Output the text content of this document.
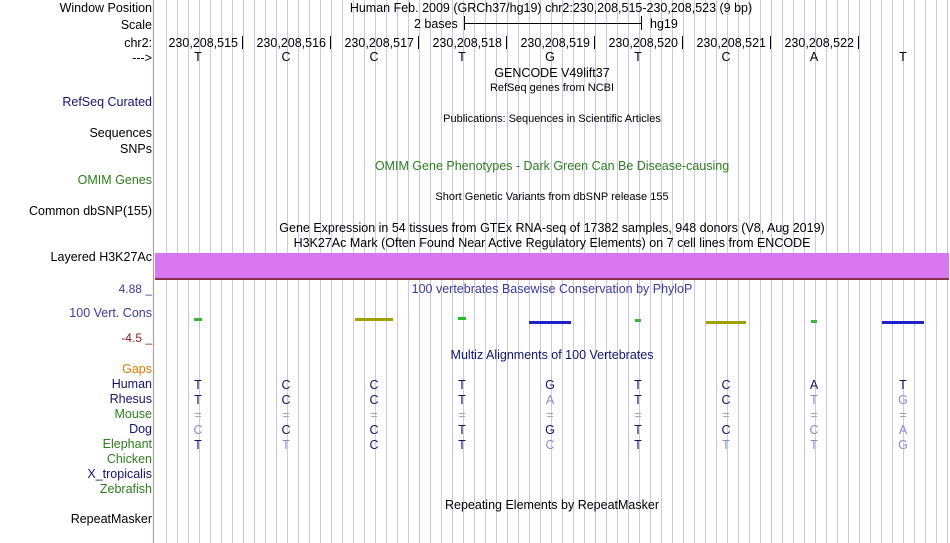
Window Position	Human Feb. 2009 (GRCh37/hg19) chr2:230,208,515-230,208,523 (9 bp)
Scale	2 bases	hg19
chr2: 230,208,515 230,208,516 230,208,517 230,208,518 230,208,519 230,208,520 230,208,521 230,208,522
--->	T	C	C	T	G	T	C	A	T
GENCODE V49lift37
RefSeq genes from NCBI
RefSeq Curated
Publications: Sequences in Scientific Articles
Sequences
SNPs
OMIM Gene Phenotypes - Dark Green Can Be Disease-causing
OMIM Genes
Short Genetic Variants from dbSNP release 155
Common dbSNP(155)
Gene Expression in 54 tissues from GTEx RNA-seq of 17382 samples, 948 donors (V8, Aug 2019)
H3K27Ac Mark (Often Found Near Active Regulatory Elements) on 7 cell lines from ENCODE
Layered H3K27Ac
4.88 _	100 vertebrates Basewise Conservation by PhyloP
100 Vert. Cons
-4.5 _
Multiz Alignments of 100 Vertebrates
Gaps
Human	T	C	C	T	G	T	C	A	T
Rhesus	T	C	C	T	A	T	C	T	G
Mouse	=	=	=	=	=	=	=	=	=
Dog	C	C	C	T	G	T	C	C	A
Elephant	T	T	C	T	C	T	T	T	G
Chicken
X_tropicalis
Zebrafish
Repeating Elements by RepeatMasker
RepeatMasker
